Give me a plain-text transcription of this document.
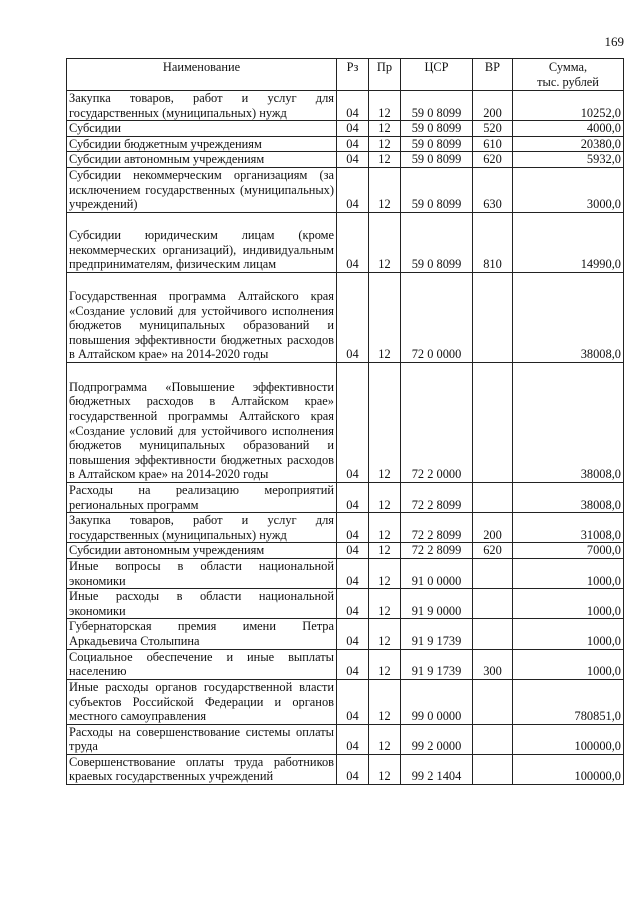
169
Наименование	Рз	Пр	ЦСР	ВР	Сумма,
тыс. рублей
Закупка товаров, работ и услуг для государственных (муниципальных) нужд	04	12	59 0 8099	200	10252,0
Субсидии	04	12	59 0 8099	520	4000,0
Субсидии бюджетным учреждениям	04	12	59 0 8099	610	20380,0
Субсидии автономным учреждениям	04	12	59 0 8099	620	5932,0
Субсидии некоммерческим организациям (за исключением государственных (муниципальных) учреждений)	04	12	59 0 8099	630	3000,0
Субсидии юридическим лицам (кроме некоммерческих организаций), индивидуальным предпринимателям, физическим лицам	04	12	59 0 8099	810	14990,0
Государственная программа Алтайского края «Создание условий для устойчивого исполнения бюджетов муниципальных образований и повышения эффективности бюджетных расходов в Алтайском крае» на 2014-2020 годы	04	12	72 0 0000		38008,0
Подпрограмма «Повышение эффективности бюджетных расходов в Алтайском крае» государственной программы Алтайского края «Создание условий для устойчивого исполнения бюджетов муниципальных образований и повышения эффективности бюджетных расходов в Алтайском крае» на 2014-2020 годы	04	12	72 2 0000		38008,0
Расходы на реализацию мероприятий региональных программ	04	12	72 2 8099		38008,0
Закупка товаров, работ и услуг для государственных (муниципальных) нужд	04	12	72 2 8099	200	31008,0
Субсидии автономным учреждениям	04	12	72 2 8099	620	7000,0
Иные вопросы в области национальной экономики	04	12	91 0 0000		1000,0
Иные расходы в области национальной экономики	04	12	91 9 0000		1000,0
Губернаторская премия имени Петра Аркадьевича Столыпина	04	12	91 9 1739		1000,0
Социальное обеспечение и иные выплаты населению	04	12	91 9 1739	300	1000,0
Иные расходы органов государственной власти субъектов Российской Федерации и органов местного самоуправления	04	12	99 0 0000		780851,0
Расходы на совершенствование системы оплаты труда	04	12	99 2 0000		100000,0
Совершенствование оплаты труда работников краевых государственных учреждений	04	12	99 2 1404		100000,0
